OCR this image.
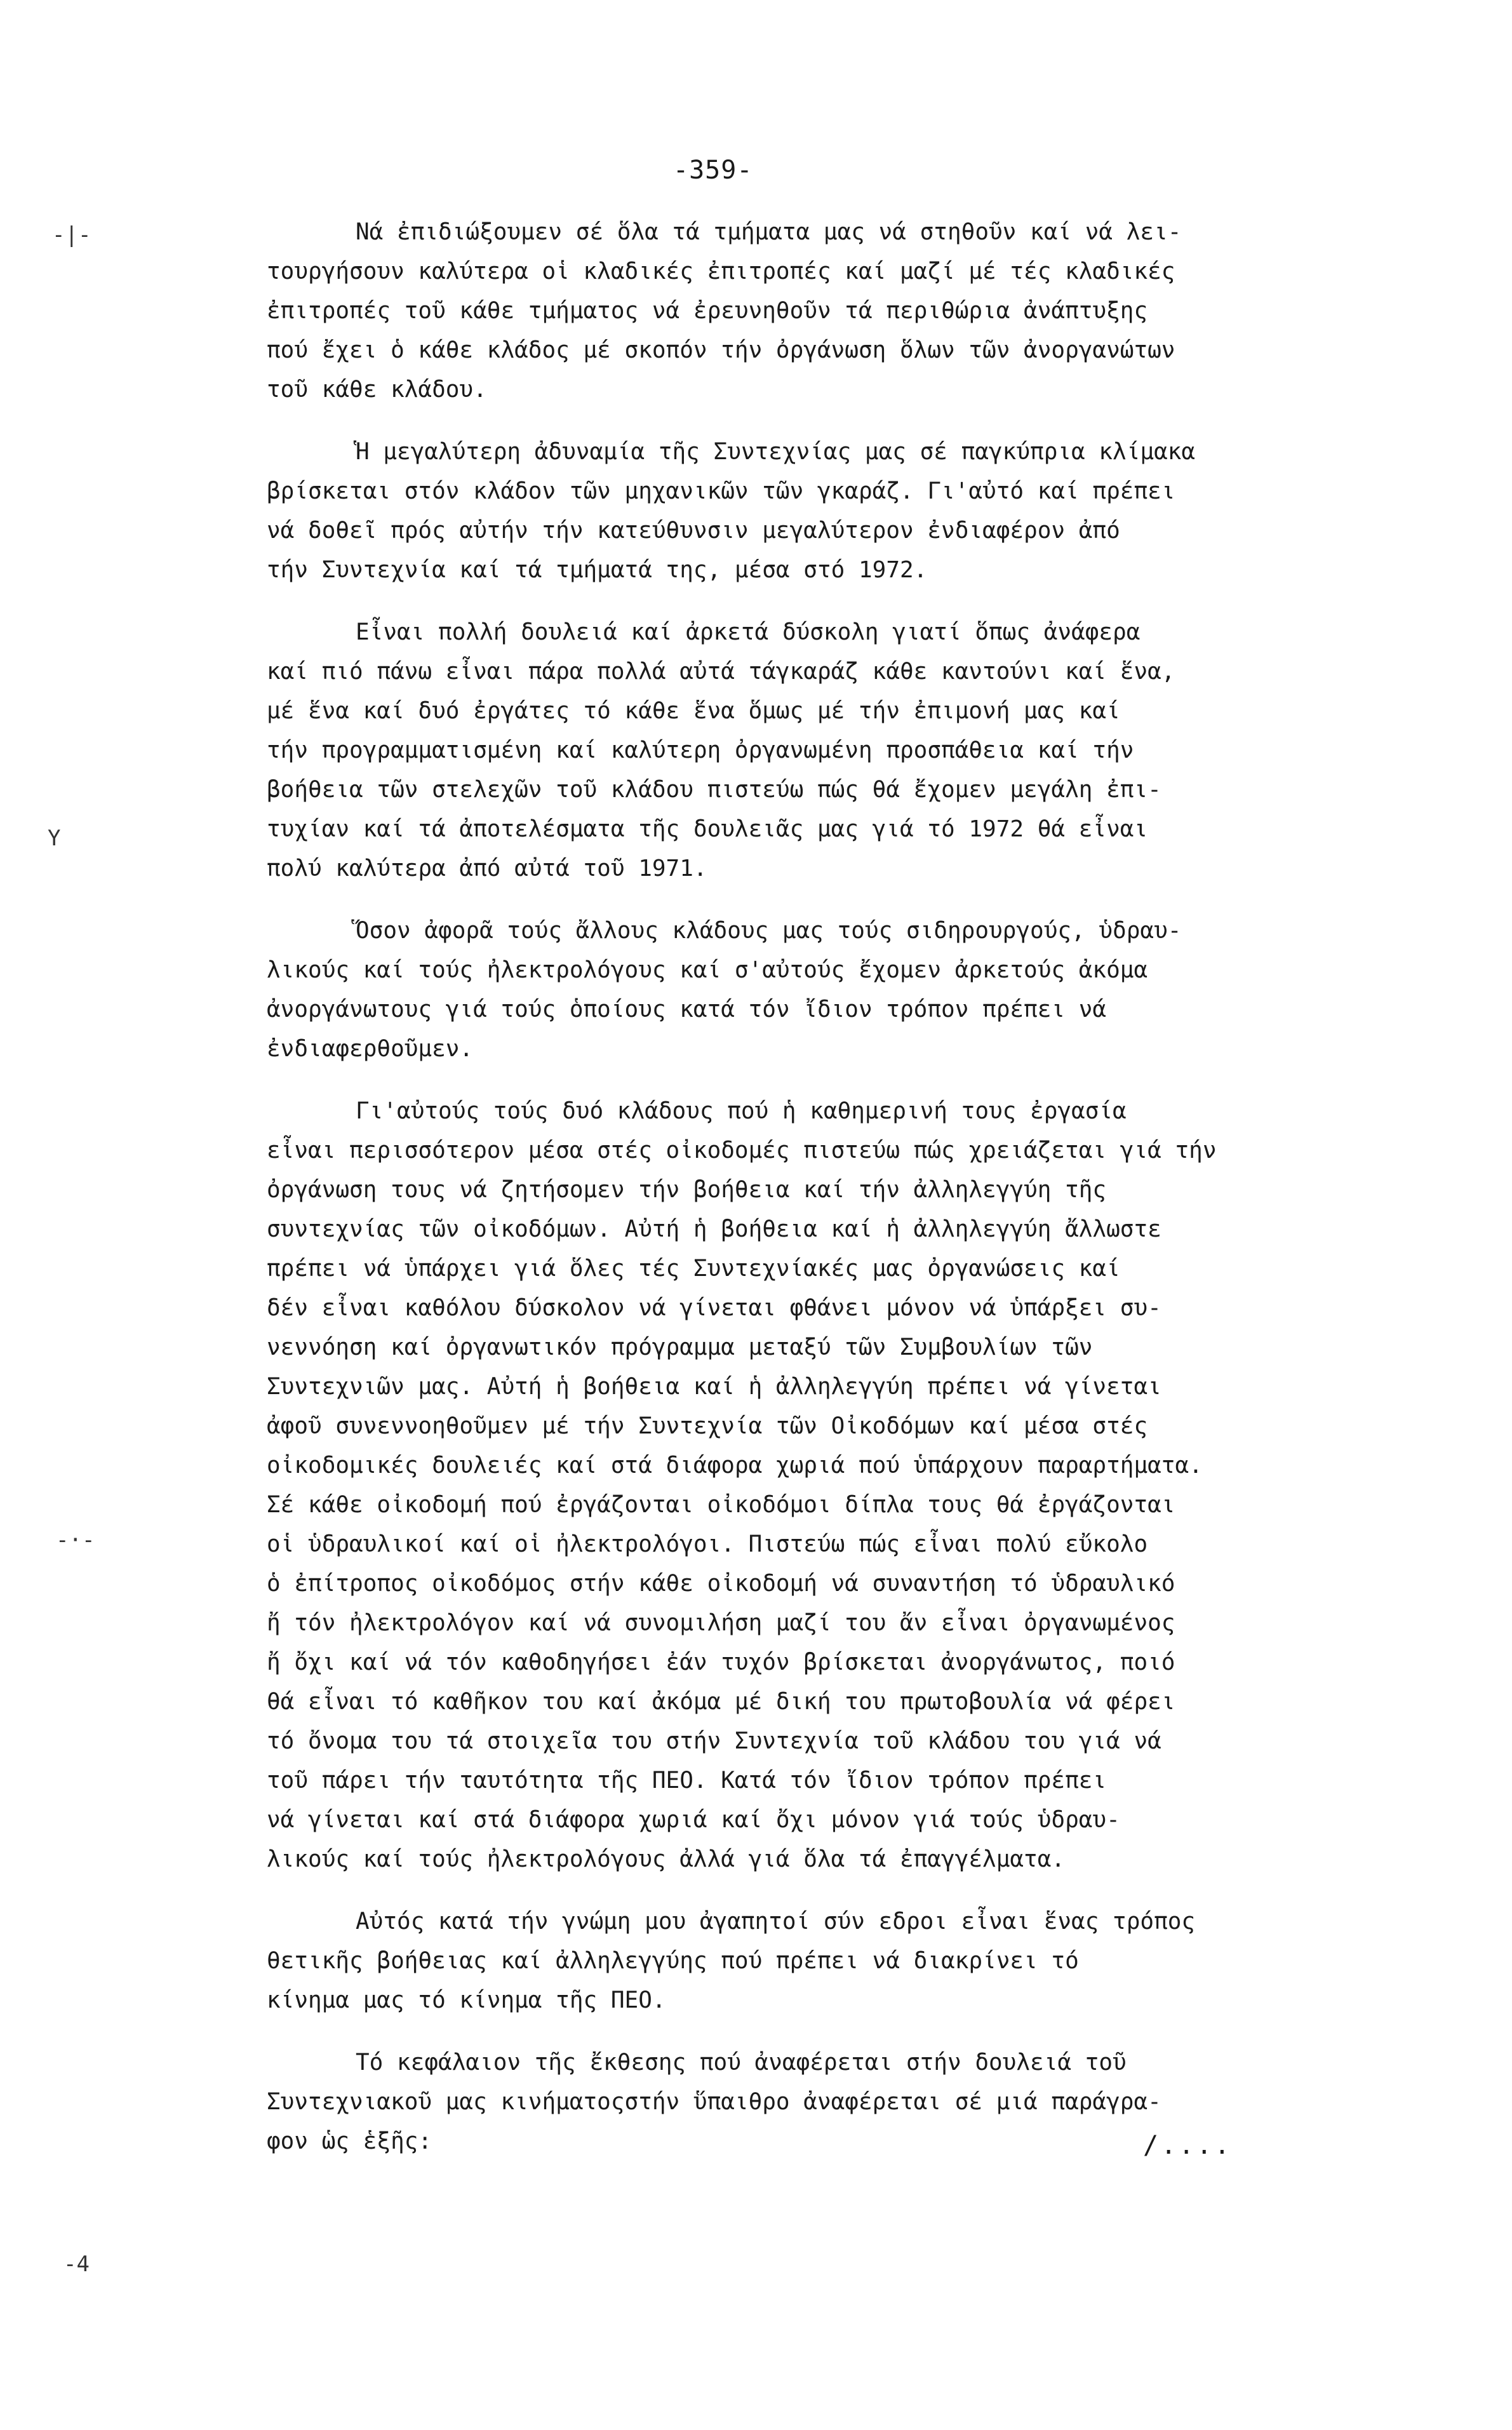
-359-
Νά ἐπιδιώξουμεν σέ ὅλα τά τμήματα μας νά στηθοῦν καί νά λει-
τουργήσουν καλύτερα οἱ κλαδικές ἐπιτροπές καί μαζί μέ τές κλαδικές
ἐπιτροπές τοῦ κάθε τμήματος νά ἐρευνηθοῦν τά περιθώρια ἀνάπτυξης
πού ἔχει ὁ κάθε κλάδος μέ σκοπόν τήν ὀργάνωση ὅλων τῶν ἀνοργανώτων
τοῦ κάθε κλάδου.
Ἡ μεγαλύτερη ἀδυναμία τῆς Συντεχνίας μας σέ παγκύπρια κλίμακα
βρίσκεται στόν κλάδον τῶν μηχανικῶν τῶν γκαράζ. Γι'αὐτό καί πρέπει
νά δοθεῖ πρός αὐτήν τήν κατεύθυνσιν μεγαλύτερον ἐνδιαφέρον ἀπό
τήν Συντεχνία καί τά τμήματά της, μέσα στό 1972.
Εἶναι πολλή δουλειά καί ἀρκετά δύσκολη γιατί ὅπως ἀνάφερα
καί πιό πάνω εἶναι πάρα πολλά αὐτά τάγκαράζ κάθε καντούνι καί ἕνα,
μέ ἕνα καί δυό ἐργάτες τό κάθε ἕνα ὅμως μέ τήν ἐπιμονή μας καί
τήν προγραμματισμένη καί καλύτερη ὀργανωμένη προσπάθεια καί τήν
βοήθεια τῶν στελεχῶν τοῦ κλάδου πιστεύω πώς θά ἔχομεν μεγάλη ἐπι-
τυχίαν καί τά ἀποτελέσματα τῆς δουλειᾶς μας γιά τό 1972 θά εἶναι
πολύ καλύτερα ἀπό αὐτά τοῦ 1971.
Ὅσον ἀφορᾶ τούς ἄλλους κλάδους μας τούς σιδηρουργούς, ὑδραυ-
λικούς καί τούς ἠλεκτρολόγους καί σ'αὐτούς ἔχομεν ἀρκετούς ἀκόμα
ἀνοργάνωτους γιά τούς ὁποίους κατά τόν ἴδιον τρόπον πρέπει νά
ἐνδιαφερθοῦμεν.
Γι'αὐτούς τούς δυό κλάδους πού ἡ καθημερινή τους ἐργασία
εἶναι περισσότερον μέσα στές οἰκοδομές πιστεύω πώς χρειάζεται γιά τήν
ὀργάνωση τους νά ζητήσομεν τήν βοήθεια καί τήν ἀλληλεγγύη τῆς
συντεχνίας τῶν οἰκοδόμων. Αὐτή ἡ βοήθεια καί ἡ ἀλληλεγγύη ἄλλωστε
πρέπει νά ὑπάρχει γιά ὅλες τές Συντεχνίακές μας ὀργανώσεις καί
δέν εἶναι καθόλου δύσκολον νά γίνεται φθάνει μόνον νά ὑπάρξει συ-
νεννόηση καί ὀργανωτικόν πρόγραμμα μεταξύ τῶν Συμβουλίων τῶν
Συντεχνιῶν μας. Αὐτή ἡ βοήθεια καί ἡ ἀλληλεγγύη πρέπει νά γίνεται
ἀφοῦ συνεννοηθοῦμεν μέ τήν Συντεχνία τῶν Οἰκοδόμων καί μέσα στές
οἰκοδομικές δουλειές καί στά διάφορα χωριά πού ὑπάρχουν παραρτήματα.
Σέ κάθε οἰκοδομή πού ἐργάζονται οἰκοδόμοι δίπλα τους θά ἐργάζονται
οἱ ὑδραυλικοί καί οἱ ἠλεκτρολόγοι. Πιστεύω πώς εἶναι πολύ εὔκολο
ὁ ἐπίτροπος οἰκοδόμος στήν κάθε οἰκοδομή νά συναντήση τό ὑδραυλικό
ἤ τόν ἠλεκτρολόγον καί νά συνομιλήση μαζί του ἄν εἶναι ὀργανωμένος
ἤ ὄχι καί νά τόν καθοδηγήσει ἐάν τυχόν βρίσκεται ἀνοργάνωτος, ποιό
θά εἶναι τό καθῆκον του καί ἀκόμα μέ δική του πρωτοβουλία νά φέρει
τό ὄνομα του τά στοιχεῖα του στήν Συντεχνία τοῦ κλάδου του γιά νά
τοῦ πάρει τήν ταυτότητα τῆς ΠΕΟ. Κατά τόν ἴδιον τρόπον πρέπει
νά γίνεται καί στά διάφορα χωριά καί ὄχι μόνον γιά τούς ὑδραυ-
λικούς καί τούς ἠλεκτρολόγους ἀλλά γιά ὅλα τά ἐπαγγέλματα.
Αὐτός κατά τήν γνώμη μου ἀγαπητοί σύν εδροι εἶναι ἕνας τρόπος
θετικῆς βοήθειας καί ἀλληλεγγύης πού πρέπει νά διακρίνει τό
κίνημα μας τό κίνημα τῆς ΠΕΟ.
Τό κεφάλαιον τῆς ἔκθεσης πού ἀναφέρεται στήν δουλειά τοῦ
Συντεχνιακοῦ μας κινήματοςστήν ὕπαιθρο ἀναφέρεται σέ μιά παράγρα-
φον ὡς ἑξῆς:	/....
-|-
Y
-·-
-4
